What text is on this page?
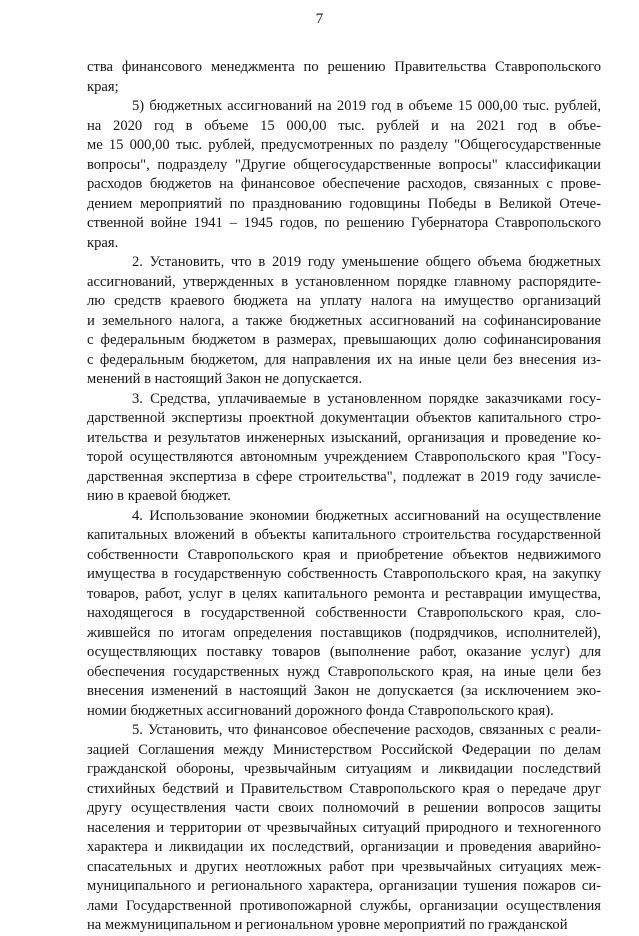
7
ства финансового менеджмента по решению Правительства Ставропольского
края;
5) бюджетных ассигнований на 2019 год в объеме 15 000,00 тыс. рублей,
на 2020 год в объеме 15 000,00 тыс. рублей и на 2021 год в объе-
ме 15 000,00 тыс. рублей, предусмотренных по разделу "Общегосударственные
вопросы", подразделу "Другие общегосударственные вопросы" классификации
расходов бюджетов на финансовое обеспечение расходов, связанных с прове-
дением мероприятий по празднованию годовщины Победы в Великой Отече-
ственной войне 1941 – 1945 годов, по решению Губернатора Ставропольского
края.
2. Установить, что в 2019 году уменьшение общего объема бюджетных
ассигнований, утвержденных в установленном порядке главному распорядите-
лю средств краевого бюджета на уплату налога на имущество организаций
и земельного налога, а также бюджетных ассигнований на софинансирование
с федеральным бюджетом в размерах, превышающих долю софинансирования
с федеральным бюджетом, для направления их на иные цели без внесения из-
менений в настоящий Закон не допускается.
3. Средства, уплачиваемые в установленном порядке заказчиками госу-
дарственной экспертизы проектной документации объектов капитального стро-
ительства и результатов инженерных изысканий, организация и проведение ко-
торой осуществляются автономным учреждением Ставропольского края "Госу-
дарственная экспертиза в сфере строительства", подлежат в 2019 году зачисле-
нию в краевой бюджет.
4. Использование экономии бюджетных ассигнований на осуществление
капитальных вложений в объекты капитального строительства государственной
собственности Ставропольского края и приобретение объектов недвижимого
имущества в государственную собственность Ставропольского края, на закупку
товаров, работ, услуг в целях капитального ремонта и реставрации имущества,
находящегося в государственной собственности Ставропольского края, сло-
жившейся по итогам определения поставщиков (подрядчиков, исполнителей),
осуществляющих поставку товаров (выполнение работ, оказание услуг) для
обеспечения государственных нужд Ставропольского края, на иные цели без
внесения изменений в настоящий Закон не допускается (за исключением эко-
номии бюджетных ассигнований дорожного фонда Ставропольского края).
5. Установить, что финансовое обеспечение расходов, связанных с реали-
зацией Соглашения между Министерством Российской Федерации по делам
гражданской обороны, чрезвычайным ситуациям и ликвидации последствий
стихийных бедствий и Правительством Ставропольского края о передаче друг
другу осуществления части своих полномочий в решении вопросов защиты
населения и территории от чрезвычайных ситуаций природного и техногенного
характера и ликвидации их последствий, организации и проведения аварийно-
спасательных и других неотложных работ при чрезвычайных ситуациях меж-
муниципального и регионального характера, организации тушения пожаров си-
лами Государственной противопожарной службы, организации осуществления
на межмуниципальном и региональном уровне мероприятий по гражданской
